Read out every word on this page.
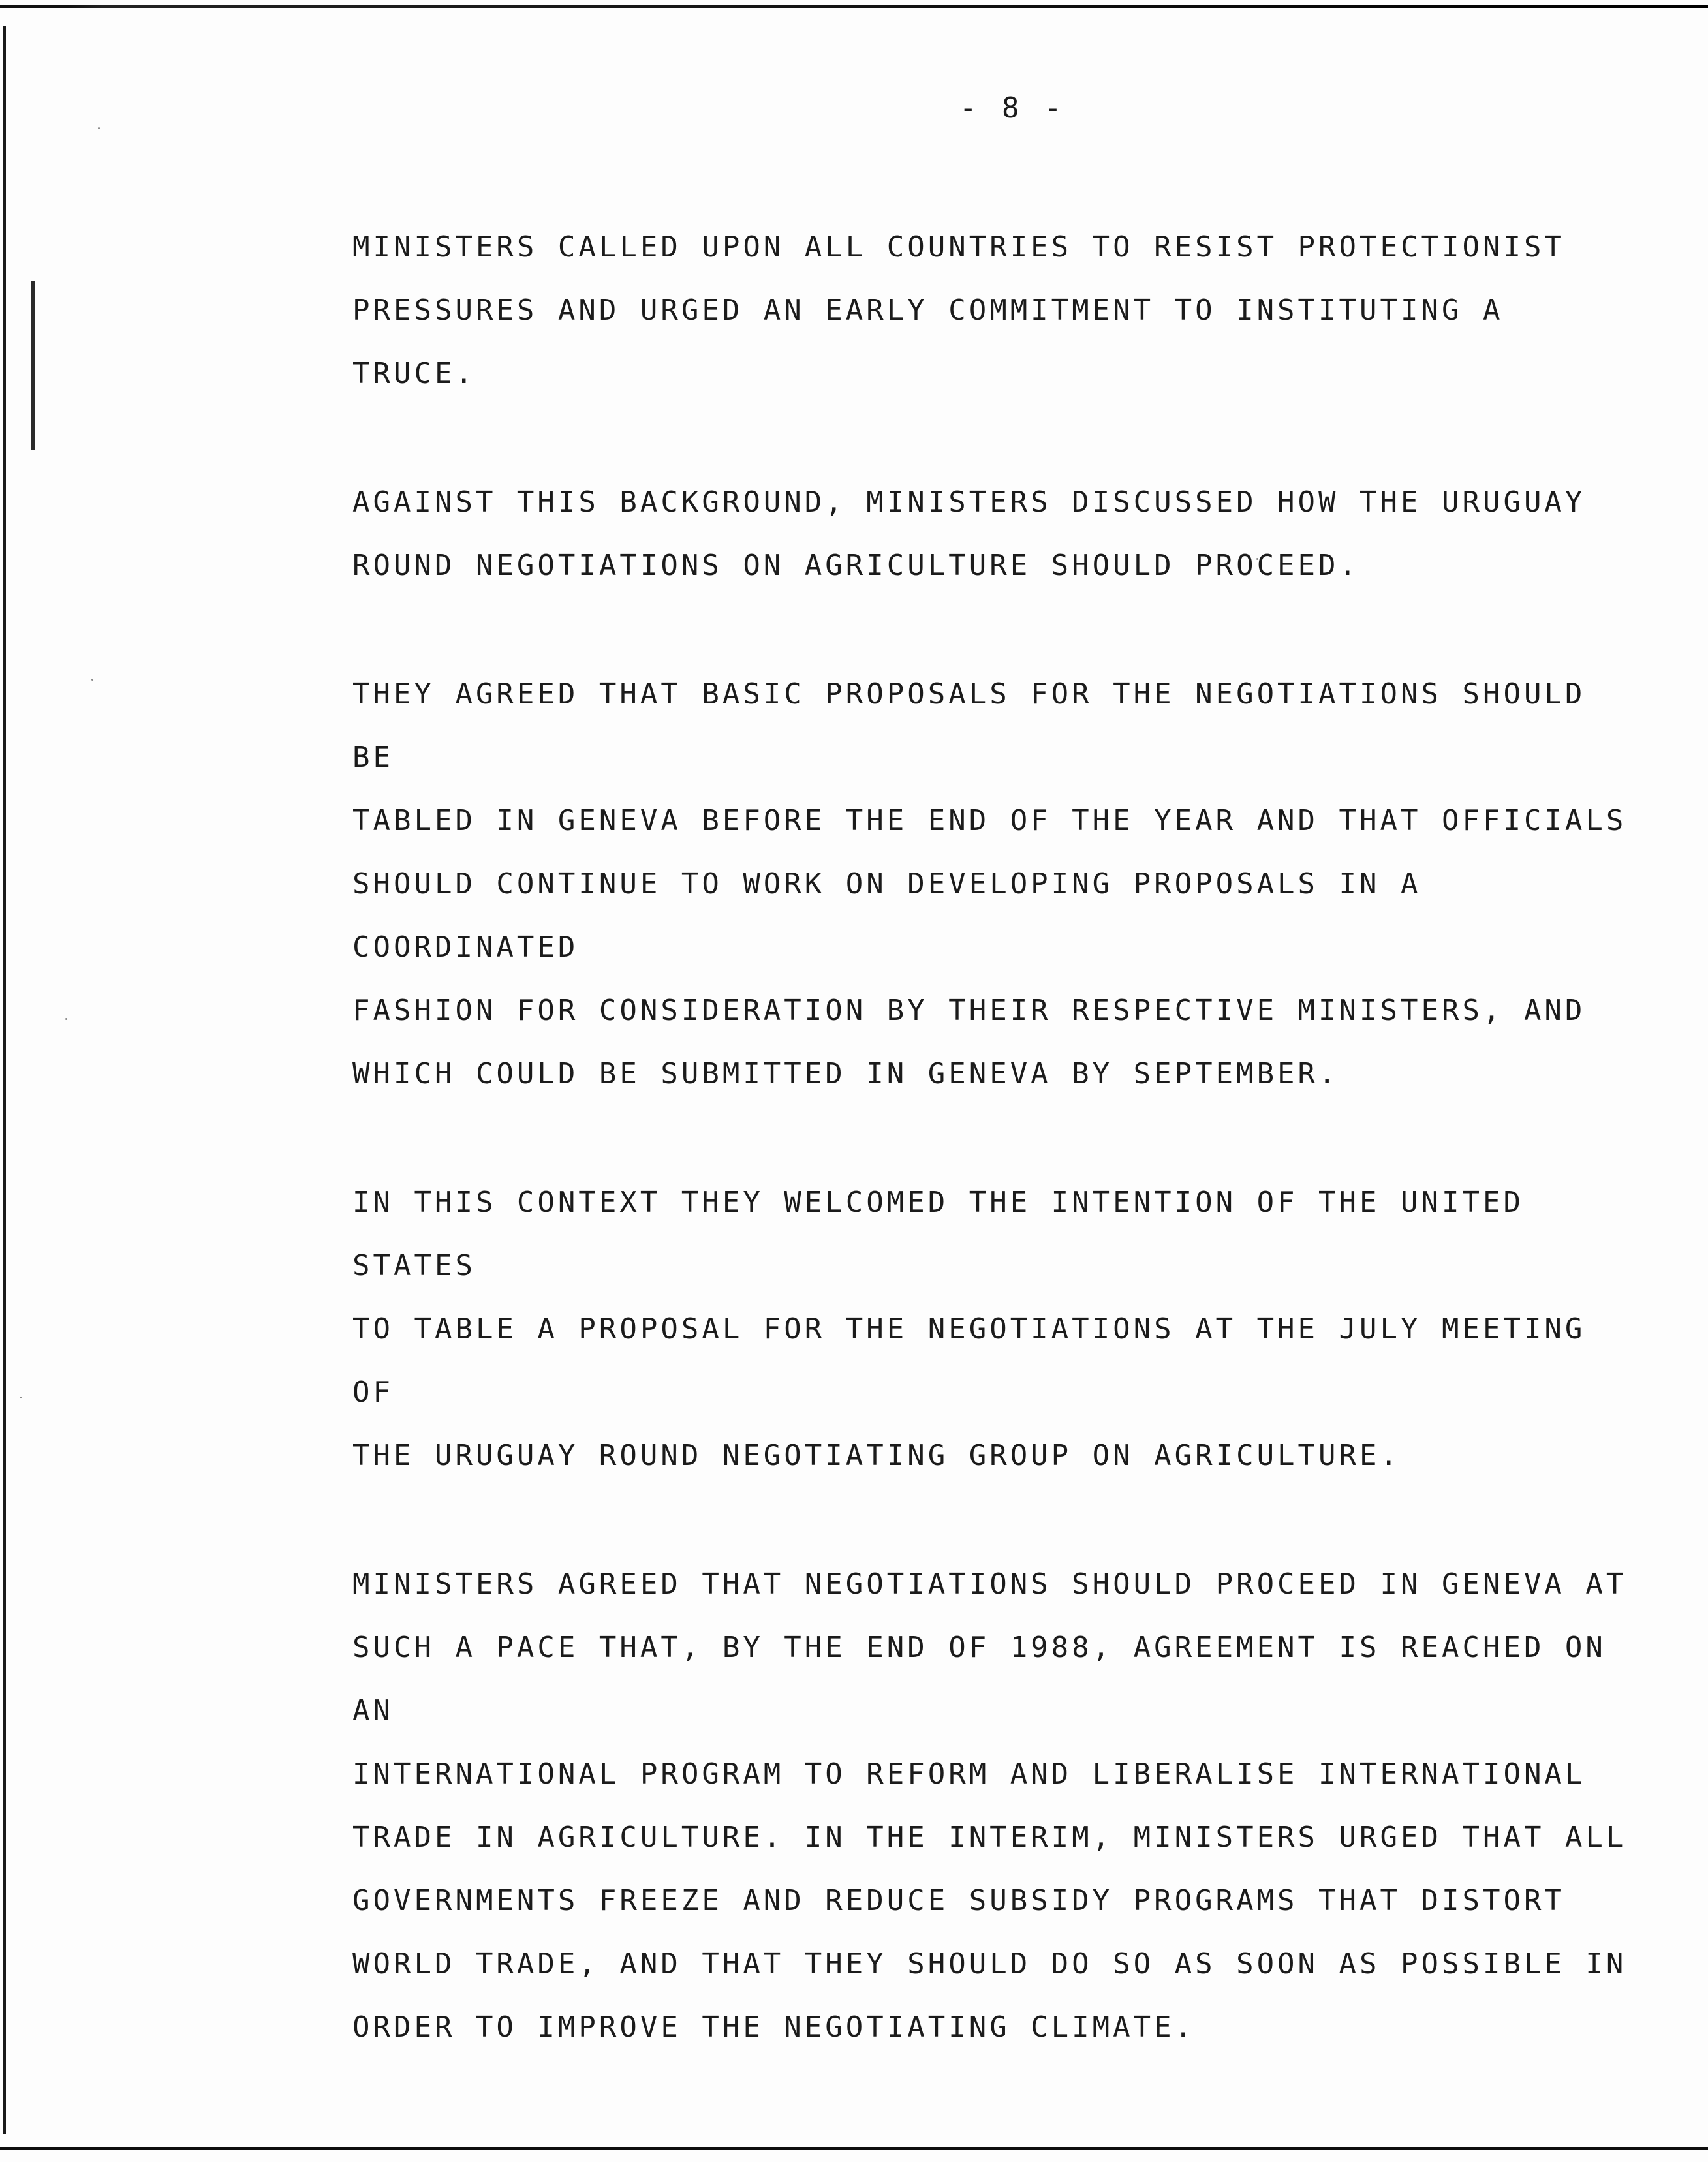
- 8 -

MINISTERS CALLED UPON ALL COUNTRIES TO RESIST PROTECTIONIST
PRESSURES AND URGED AN EARLY COMMITMENT TO INSTITUTING A TRUCE.

AGAINST THIS BACKGROUND, MINISTERS DISCUSSED HOW THE URUGUAY
ROUND NEGOTIATIONS ON AGRICULTURE SHOULD PROCEED.

THEY AGREED THAT BASIC PROPOSALS FOR THE NEGOTIATIONS SHOULD BE
TABLED IN GENEVA BEFORE THE END OF THE YEAR AND THAT OFFICIALS
SHOULD CONTINUE TO WORK ON DEVELOPING PROPOSALS IN A COORDINATED
FASHION FOR CONSIDERATION BY THEIR RESPECTIVE MINISTERS, AND
WHICH COULD BE SUBMITTED IN GENEVA BY SEPTEMBER.

IN THIS CONTEXT THEY WELCOMED THE INTENTION OF THE UNITED STATES
TO TABLE A PROPOSAL FOR THE NEGOTIATIONS AT THE JULY MEETING OF
THE URUGUAY ROUND NEGOTIATING GROUP ON AGRICULTURE.

MINISTERS AGREED THAT NEGOTIATIONS SHOULD PROCEED IN GENEVA AT
SUCH A PACE THAT, BY THE END OF 1988, AGREEMENT IS REACHED ON AN
INTERNATIONAL PROGRAM TO REFORM AND LIBERALISE INTERNATIONAL
TRADE IN AGRICULTURE. IN THE INTERIM, MINISTERS URGED THAT ALL
GOVERNMENTS FREEZE AND REDUCE SUBSIDY PROGRAMS THAT DISTORT
WORLD TRADE, AND THAT THEY SHOULD DO SO AS SOON AS POSSIBLE IN
ORDER TO IMPROVE THE NEGOTIATING CLIMATE.
